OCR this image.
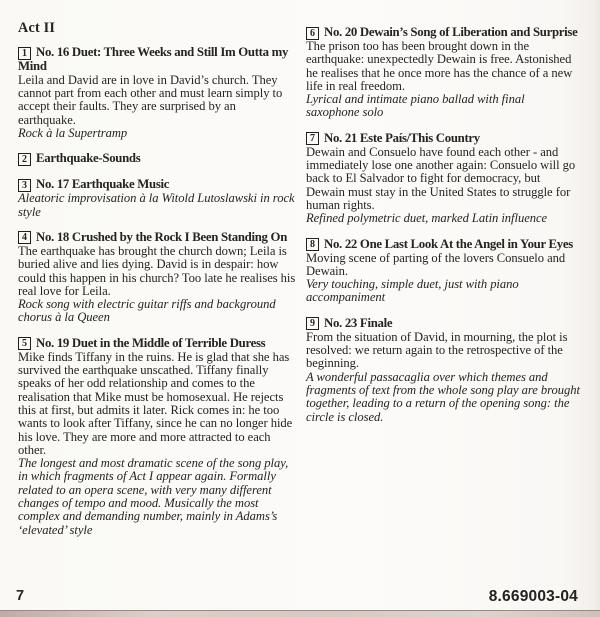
Act II
1 No. 16 Duet: Three Weeks and Still Im Outta my Mind

Leila and David are in love in David’s church. They cannot part from each other and must learn simply to accept their faults. They are surprised by an earthquake.

Rock à la Supertramp

2 Earthquake-Sounds
3 No. 17 Earthquake Music

Aleatoric improvisation à la Witold Lutoslawski in rock style

4 No. 18 Crushed by the Rock I Been Standing On

The earthquake has brought the church down; Leila is buried alive and lies dying. David is in despair: how could this happen in his church? Too late he realises his real love for Leila.

Rock song with electric guitar riffs and background chorus à la Queen

5 No. 19 Duet in the Middle of Terrible Duress

Mike finds Tiffany in the ruins. He is glad that she has survived the earthquake unscathed. Tiffany finally speaks of her odd relationship and comes to the realisation that Mike must be homosexual. He rejects this at first, but admits it later. Rick comes in: he too wants to look after Tiffany, since he can no longer hide his love. They are more and more attracted to each other.

The longest and most dramatic scene of the song play, in which fragments of Act I appear again. Formally related to an opera scene, with very many different changes of tempo and mood. Musically the most complex and demanding number, mainly in Adams’s ‘elevated’ style

6 No. 20 Dewain’s Song of Liberation and Surprise

The prison too has been brought down in the earthquake: unexpectedly Dewain is free. Astonished he realises that he once more has the chance of a new life in real freedom.

Lyrical and intimate piano ballad with final saxophone solo

7 No. 21 Este País/This Country

Dewain and Consuelo have found each other - and immediately lose one another again: Consuelo will go back to El Salvador to fight for democracy, but Dewain must stay in the United States to struggle for human rights.

Refined polymetric duet, marked Latin influence

8 No. 22 One Last Look At the Angel in Your Eyes

Moving scene of parting of the lovers Consuelo and Dewain.

Very touching, simple duet, just with piano accompaniment

9 No. 23 Finale

From the situation of David, in mourning, the plot is resolved: we return again to the retrospective of the beginning.

A wonderful passacaglia over which themes and fragments of text from the whole song play are brought together, leading to a return of the opening song: the circle is closed.

7	8.669003-04
